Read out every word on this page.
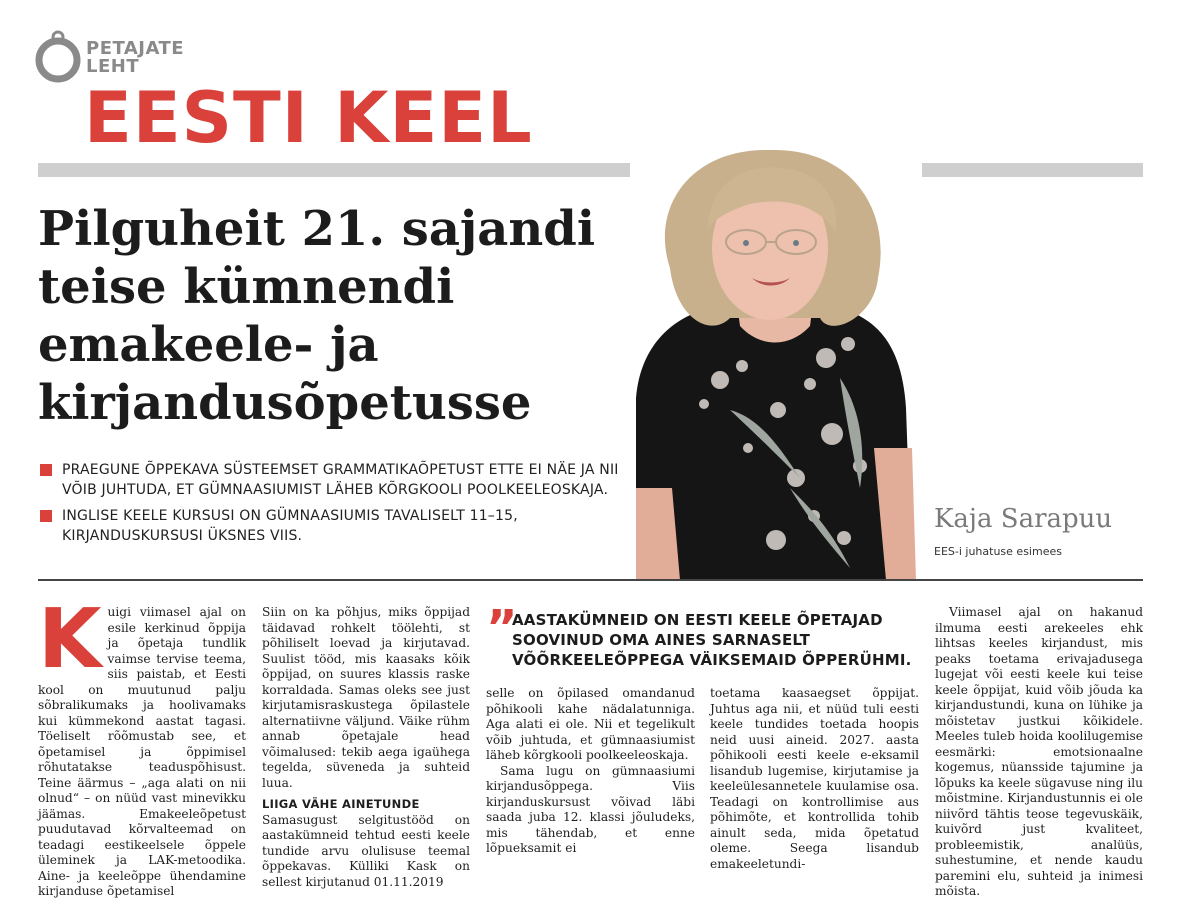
PETAJATE
LEHT
EESTI KEEL
Pilguheit 21. sajandi teise kümnendi emakeele- ja kirjandusõpetusse
PRAEGUNE ÕPPEKAVA SÜSTEEMSET GRAMMATIKAÕPETUST ETTE EI NÄE JA NII VÕIB JUHTUDA, ET GÜMNAASIUMIST LÄHEB KÕRGKOOLI POOLKEELEOSKAJA.
INGLISE KEELE KURSUSI ON GÜMNAASIUMIS TAVALISELT 11–15, KIRJANDUSKURSUSI ÜKSNES VIIS.
Kaja Sarapuu
EES-i juhatuse esimees
Kuigi viimasel ajal on esile kerkinud õppija ja õpetaja tundlik vaimse tervise teema, siis paistab, et Eesti kool on muutunud palju sõbralikumaks ja hoolivamaks kui kümmekond aastat tagasi. Töeliselt rõõmustab see, et õpetamisel ja õppimisel rõhutatakse teaduspõhisust. Teine äärmus – „aga alati on nii olnud“ – on nüüd vast minevikku jäämas. Emakeeleõpetust puudutavad kõrvalteemad on teadagi eestikeelsele õppele üleminek ja LAK-metoodika. Aine- ja keeleõppe ühendamine kirjanduse õpetamisel
Siin on ka põhjus, miks õppijad täidavad rohkelt töölehti, st põhiliselt loevad ja kirjutavad. Suulist tööd, mis kaasaks kõik õppijad, on suures klassis raske korraldada. Samas oleks see just kirjutamisraskustega õpilastele alternatiivne väljund. Väike rühm annab õpetajale head võimalused: tekib aega igaühega tegelda, süveneda ja suhteid luua.
LIIGA VÄHE AINETUNDE
Samasugust selgitustööd on aastakümneid tehtud eesti keele tundide arvu olulisuse teemal õppekavas. Külliki Kask on sellest kirjutanud 01.11.2019
”
AASTAKÜMNEID ON EESTI KEELE ÕPETAJAD SOOVINUD OMA AINES SARNASELT VÕÕRKEELEÕPPEGA VÄIKSEMAID ÕPPERÜHMI.
selle on õpilased omandanud põhikooli kahe nädalatunniga. Aga alati ei ole. Nii et tegelikult võib juhtuda, et gümnaasiumist läheb kõrgkooli poolkeeleoskaja.
Sama lugu on gümnaasiumi kirjandusõppega. Viis kirjanduskursust võivad läbi saada juba 12. klassi jõuludeks, mis tähendab, et enne lõpueksamit ei
toetama kaasaegset õppijat. Juhtus aga nii, et nüüd tuli eesti keele tundides toetada hoopis neid uusi aineid. 2027. aasta põhikooli eesti keele e-eksamil lisandub lugemise, kirjutamise ja keeleülesannetele kuulamise osa. Teadagi on kontrollimise aus põhimõte, et kontrollida tohib ainult seda, mida õpetatud oleme. Seega lisandub emakeeletundi-
Viimasel ajal on hakanud ilmuma eesti arekeeles ehk lihtsas keeles kirjandust, mis peaks toetama erivajadusega lugejat või eesti keele kui teise keele õppijat, kuid võib jõuda ka kirjandustundi, kuna on lühike ja mõistetav justkui kõikidele. Meeles tuleb hoida koolilugemise eesmärki: emotsionaalne kogemus, nüansside tajumine ja lõpuks ka keele sügavuse ning ilu mõistmine. Kirjandustunnis ei ole niivõrd tähtis teose tegevuskäik, kuivõrd just kvaliteet, probleemistik, analüüs, suhestumine, et nende kaudu paremini elu, suhteid ja inimesi mõista.
